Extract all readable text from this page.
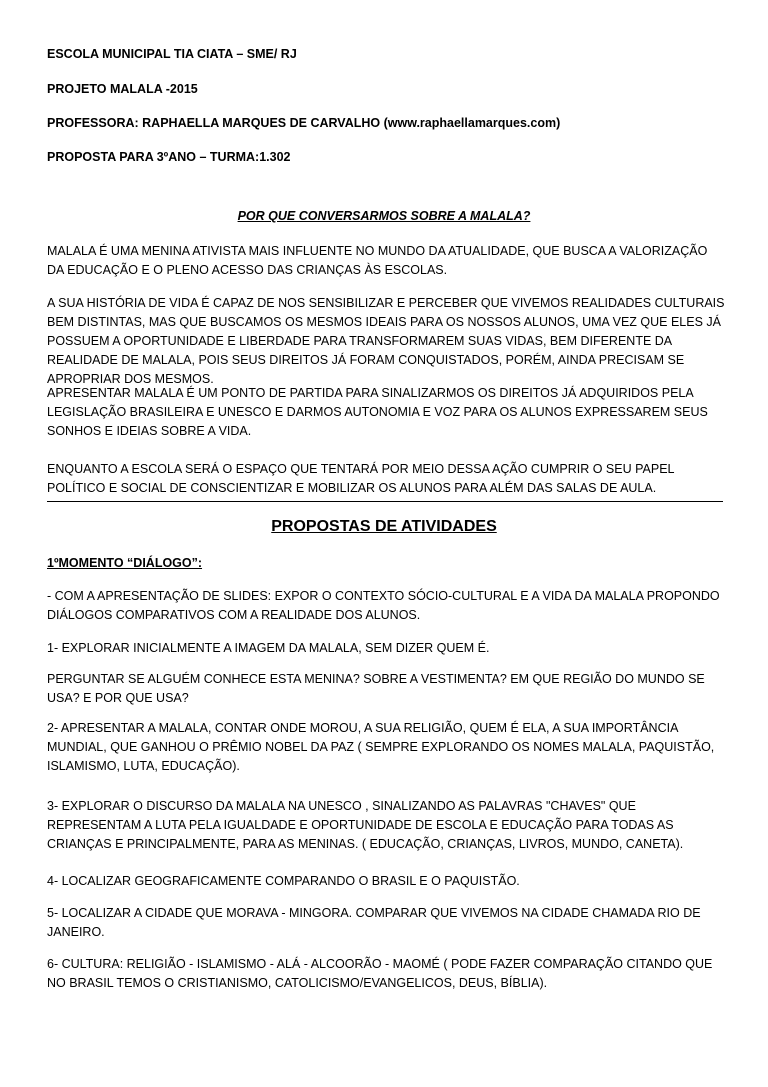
ESCOLA MUNICIPAL TIA CIATA – SME/ RJ

PROJETO MALALA -2015

PROFESSORA: RAPHAELLA MARQUES DE CARVALHO (www.raphaellamarques.com)

PROPOSTA PARA 3ºANO – TURMA:1.302

POR QUE CONVERSARMOS SOBRE A MALALA?

MALALA É UMA MENINA ATIVISTA MAIS INFLUENTE NO MUNDO DA ATUALIDADE, QUE BUSCA A VALORIZAÇÃO DA EDUCAÇÃO E O PLENO ACESSO DAS CRIANÇAS ÀS ESCOLAS.

A SUA HISTÓRIA DE VIDA É CAPAZ DE NOS SENSIBILIZAR E PERCEBER QUE VIVEMOS REALIDADES CULTURAIS BEM DISTINTAS, MAS QUE BUSCAMOS OS MESMOS IDEAIS PARA OS NOSSOS ALUNOS, UMA VEZ QUE ELES JÁ POSSUEM A OPORTUNIDADE E LIBERDADE PARA TRANSFORMAREM SUAS VIDAS, BEM DIFERENTE DA REALIDADE DE MALALA, POIS SEUS DIREITOS JÁ FORAM CONQUISTADOS, PORÉM, AINDA PRECISAM SE APROPRIAR DOS MESMOS.

APRESENTAR MALALA É UM PONTO DE PARTIDA PARA SINALIZARMOS OS DIREITOS JÁ ADQUIRIDOS PELA LEGISLAÇÃO BRASILEIRA E UNESCO E DARMOS AUTONOMIA E VOZ PARA OS ALUNOS EXPRESSAREM SEUS SONHOS E IDEIAS SOBRE A VIDA.

ENQUANTO A ESCOLA SERÁ O ESPAÇO QUE TENTARÁ POR MEIO DESSA AÇÃO CUMPRIR O SEU PAPEL POLÍTICO E SOCIAL DE CONSCIENTIZAR E MOBILIZAR OS ALUNOS PARA ALÉM DAS SALAS DE AULA.

PROPOSTAS DE ATIVIDADES

1ºMOMENTO “DIÁLOGO”:

- COM A APRESENTAÇÃO DE SLIDES: EXPOR O CONTEXTO SÓCIO-CULTURAL E A VIDA DA MALALA PROPONDO DIÁLOGOS COMPARATIVOS COM A REALIDADE DOS ALUNOS.

1- EXPLORAR INICIALMENTE A IMAGEM DA MALALA, SEM DIZER QUEM É.

PERGUNTAR SE ALGUÉM CONHECE ESTA MENINA? SOBRE A VESTIMENTA? EM QUE REGIÃO DO MUNDO SE USA? E POR QUE USA?

2- APRESENTAR A MALALA, CONTAR ONDE MOROU, A SUA RELIGIÃO, QUEM É ELA, A SUA IMPORTÂNCIA MUNDIAL, QUE GANHOU O PRÊMIO NOBEL DA PAZ ( SEMPRE EXPLORANDO OS NOMES MALALA, PAQUISTÃO, ISLAMISMO, LUTA, EDUCAÇÃO).

3- EXPLORAR O DISCURSO DA MALALA NA UNESCO , SINALIZANDO AS PALAVRAS "CHAVES" QUE REPRESENTAM A LUTA PELA IGUALDADE E OPORTUNIDADE DE ESCOLA E EDUCAÇÃO PARA TODAS AS CRIANÇAS E PRINCIPALMENTE, PARA AS MENINAS. ( EDUCAÇÃO, CRIANÇAS, LIVROS, MUNDO, CANETA).

4- LOCALIZAR GEOGRAFICAMENTE COMPARANDO O BRASIL E O PAQUISTÃO.

5- LOCALIZAR A CIDADE QUE MORAVA - MINGORA. COMPARAR QUE VIVEMOS NA CIDADE CHAMADA RIO DE JANEIRO.

6- CULTURA: RELIGIÃO - ISLAMISMO - ALÁ - ALCOORÃO - MAOMÉ ( PODE FAZER COMPARAÇÃO CITANDO QUE NO BRASIL TEMOS O CRISTIANISMO, CATOLICISMO/EVANGELICOS, DEUS, BÍBLIA).
